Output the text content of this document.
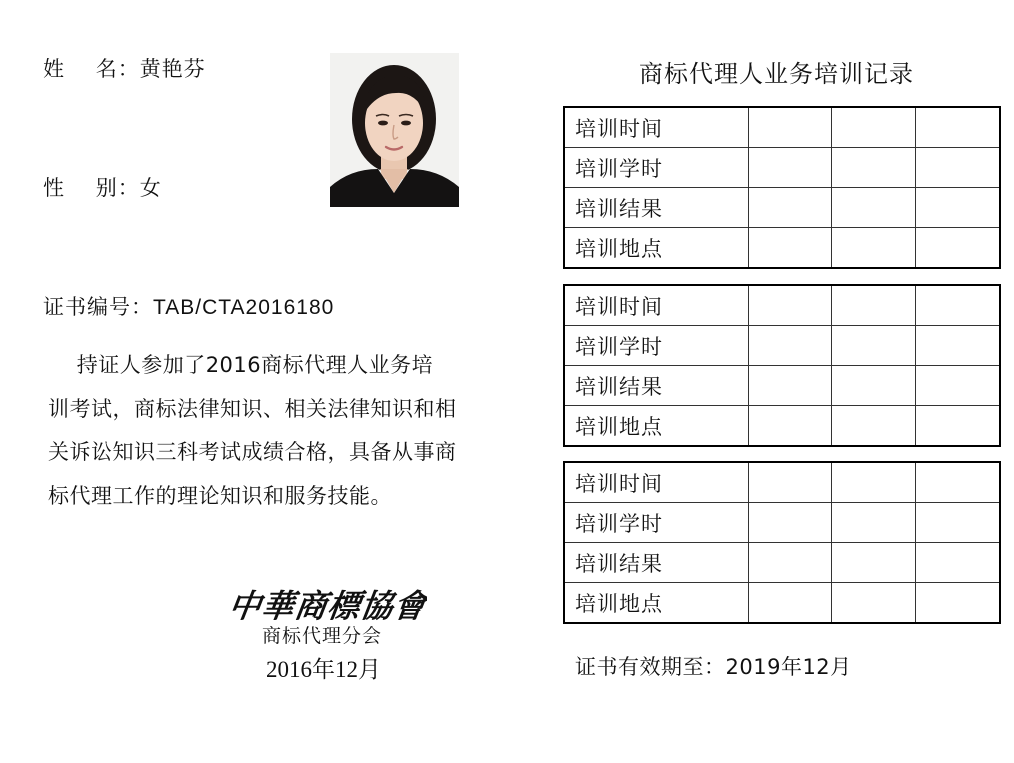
姓    名：黄艳芬
性    别：女
证书编号：TAB/CTA2016180
持证人参加了2016商标代理人业务培
训考试，商标法律知识、相关法律知识和相
关诉讼知识三科考试成绩合格，具备从事商
标代理工作的理论知识和服务技能。
中華商標協會
商标代理分会
2016年12月
商标代理人业务培训记录
培训时间			
培训学时			
培训结果			
培训地点			
培训时间			
培训学时			
培训结果			
培训地点			
培训时间			
培训学时			
培训结果			
培训地点			
证书有效期至：2019年12月
